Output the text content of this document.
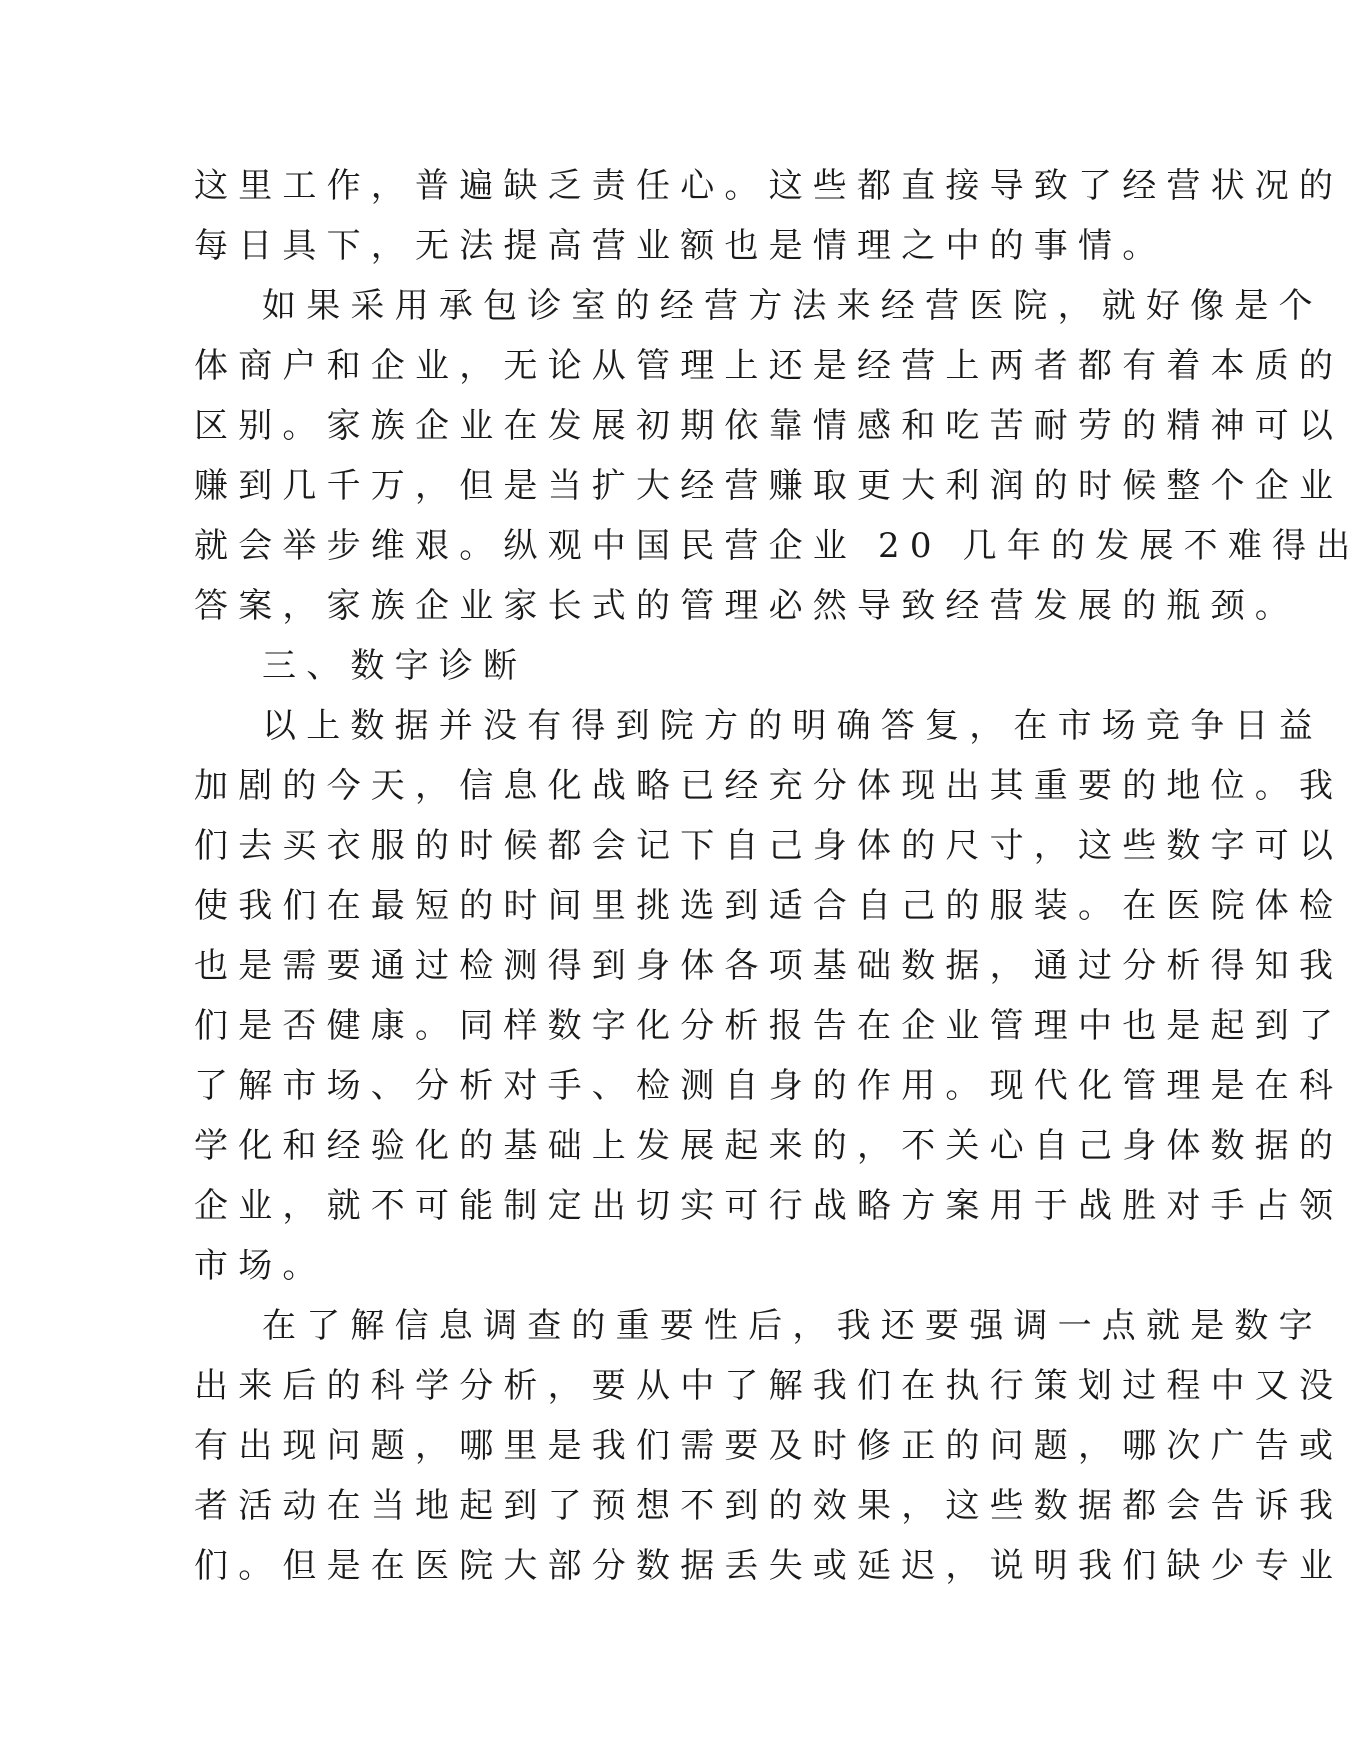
这里工作，普遍缺乏责任心。这些都直接导致了经营状况的
每日具下，无法提高营业额也是情理之中的事情。
如果采用承包诊室的经营方法来经营医院，就好像是个
体商户和企业，无论从管理上还是经营上两者都有着本质的
区别。家族企业在发展初期依靠情感和吃苦耐劳的精神可以
赚到几千万，但是当扩大经营赚取更大利润的时候整个企业
就会举步维艰。纵观中国民营企业 20 几年的发展不难得出
答案，家族企业家长式的管理必然导致经营发展的瓶颈。
三、数字诊断
以上数据并没有得到院方的明确答复，在市场竞争日益
加剧的今天，信息化战略已经充分体现出其重要的地位。我
们去买衣服的时候都会记下自己身体的尺寸，这些数字可以
使我们在最短的时间里挑选到适合自己的服装。在医院体检
也是需要通过检测得到身体各项基础数据，通过分析得知我
们是否健康。同样数字化分析报告在企业管理中也是起到了
了解市场、分析对手、检测自身的作用。现代化管理是在科
学化和经验化的基础上发展起来的，不关心自己身体数据的
企业，就不可能制定出切实可行战略方案用于战胜对手占领
市场。
在了解信息调查的重要性后，我还要强调一点就是数字
出来后的科学分析，要从中了解我们在执行策划过程中又没
有出现问题，哪里是我们需要及时修正的问题，哪次广告或
者活动在当地起到了预想不到的效果，这些数据都会告诉我
们。但是在医院大部分数据丢失或延迟，说明我们缺少专业
